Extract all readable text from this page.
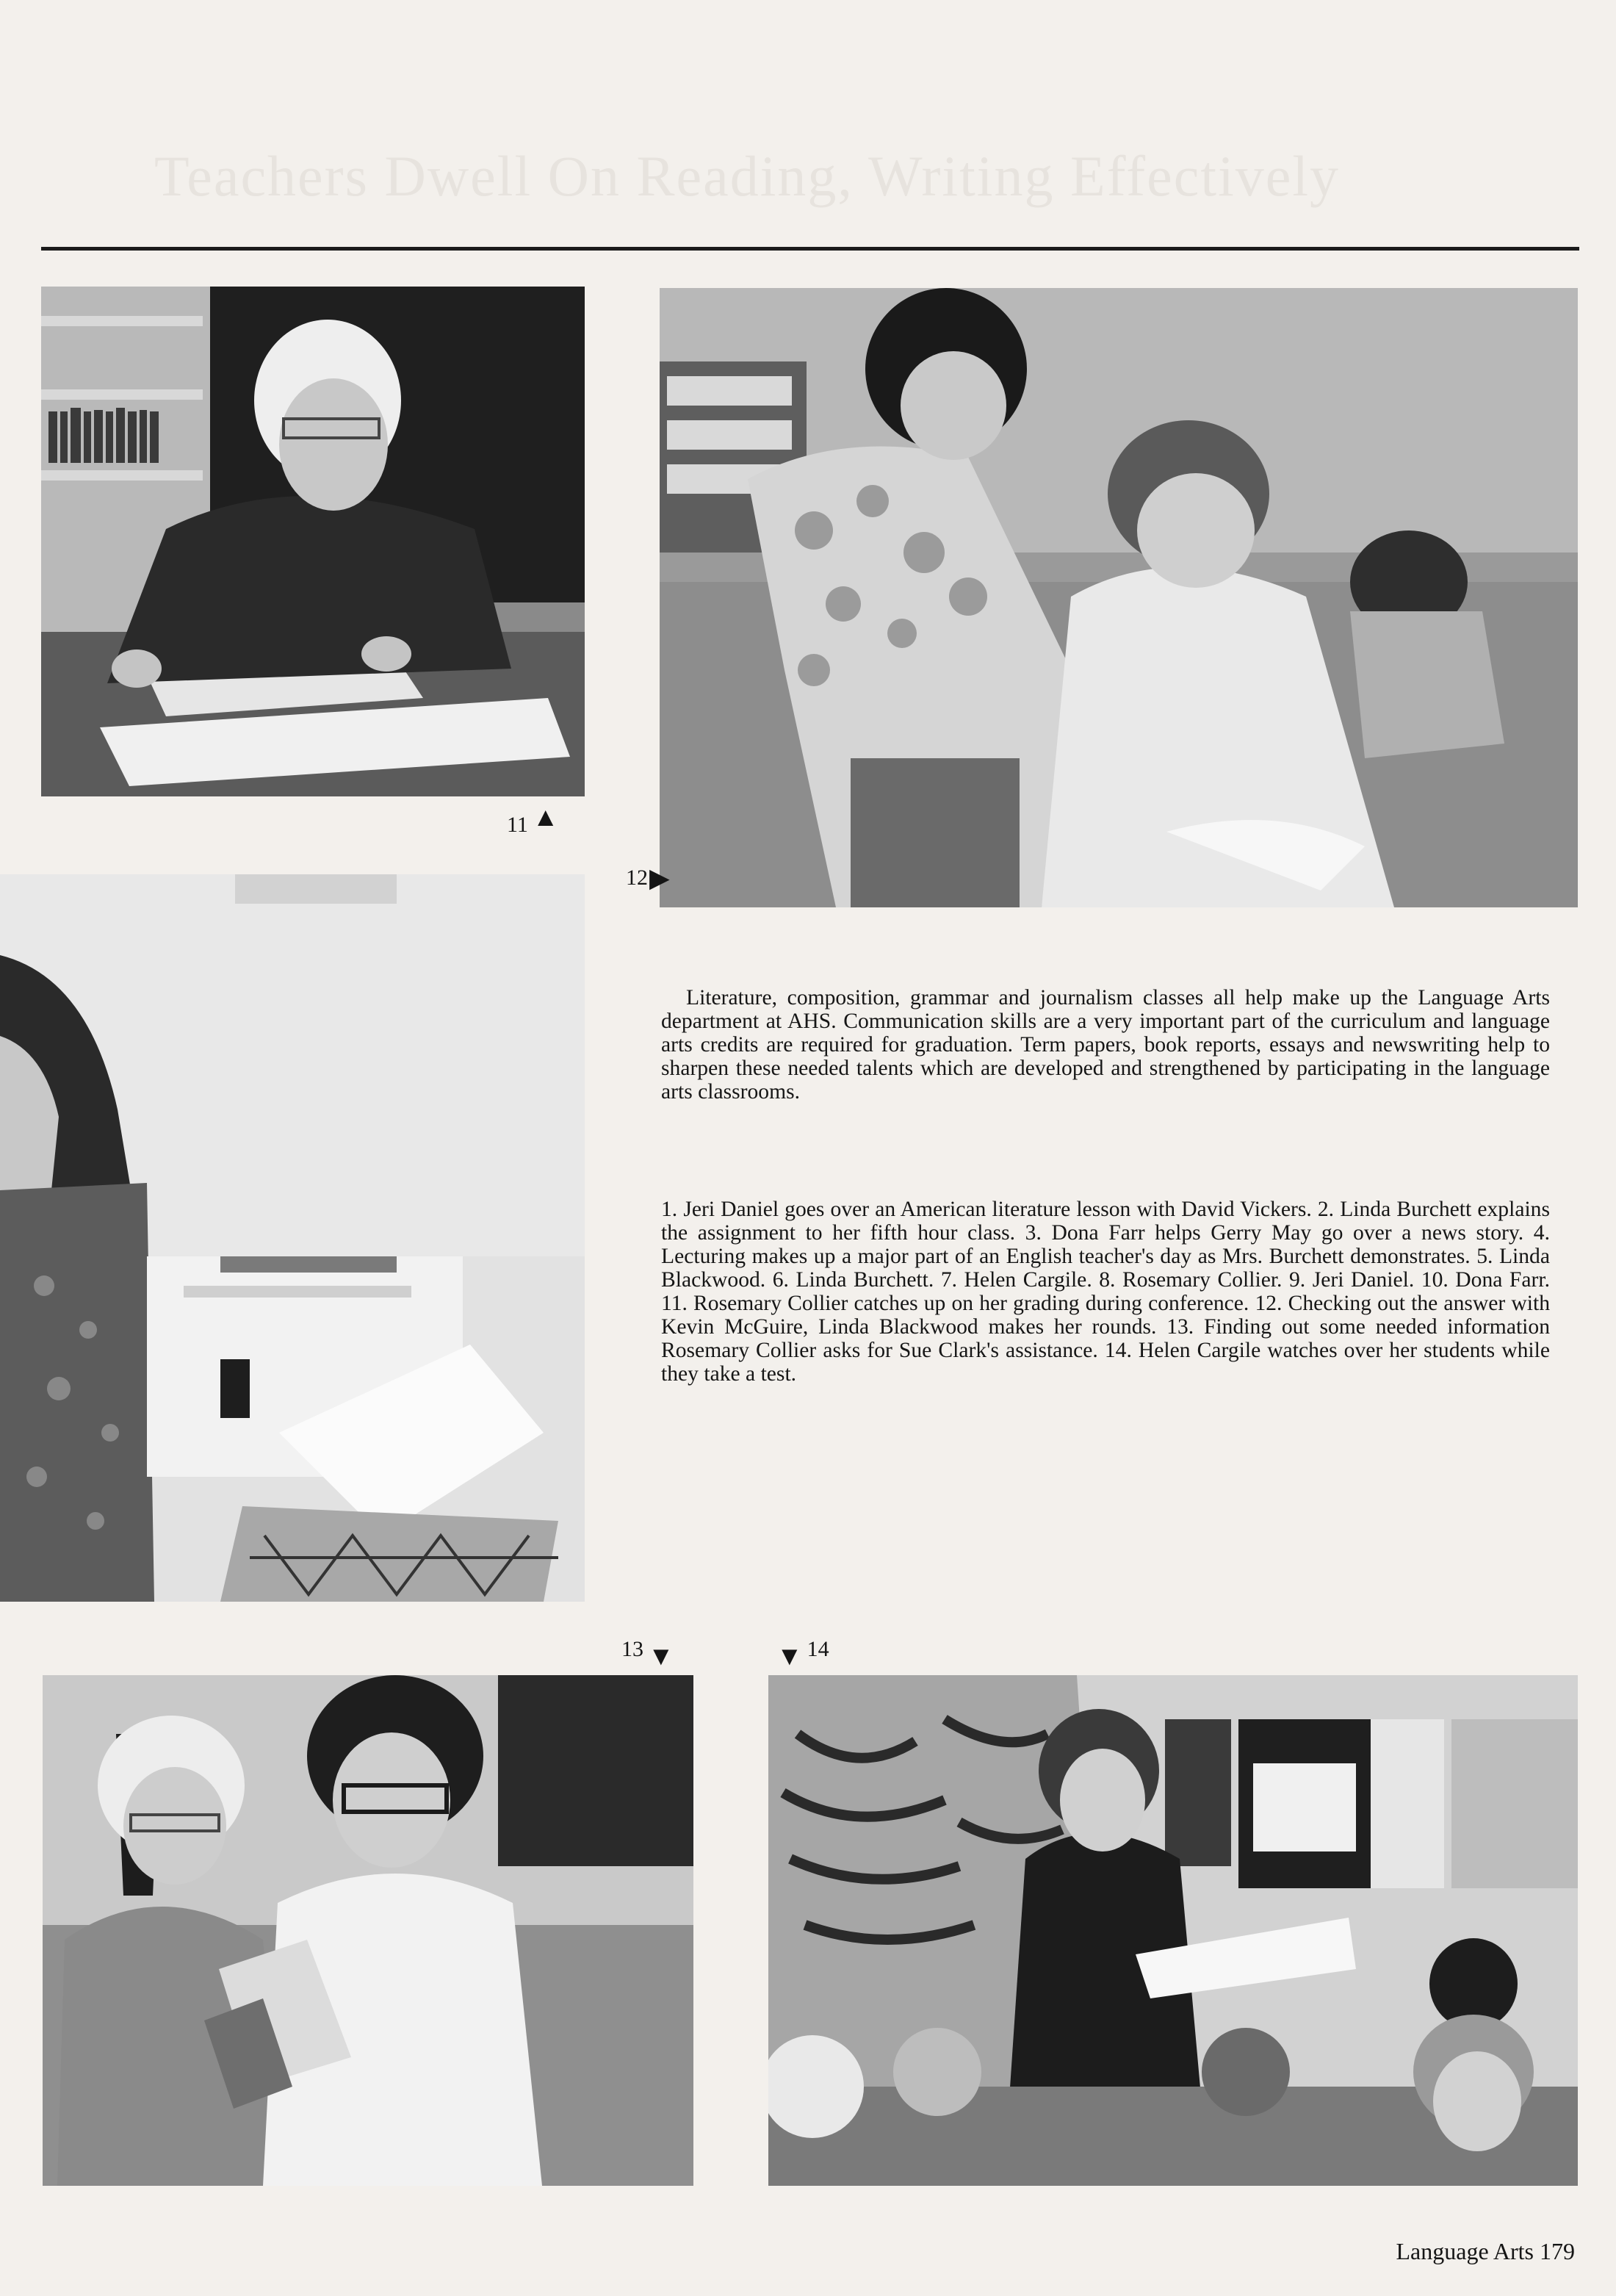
Teachers Dwell On Reading, Writing Effectively
11 ▲
12 ▶
Literature, composition, grammar and journalism classes all help make up the Language Arts department at AHS. Communication skills are a very important part of the curriculum and language arts credits are required for graduation. Term papers, book reports, essays and newswriting help to sharpen these needed talents which are developed and strengthened by participating in the language arts classrooms.
1. Jeri Daniel goes over an American literature lesson with David Vickers. 2. Linda Burchett explains the assignment to her fifth hour class. 3. Dona Farr helps Gerry May go over a news story. 4. Lecturing makes up a major part of an English teacher's day as Mrs. Burchett demonstrates. 5. Linda Blackwood. 6. Linda Burchett. 7. Helen Cargile. 8. Rosemary Collier. 9. Jeri Daniel. 10. Dona Farr. 11. Rosemary Collier catches up on her grading during conference. 12. Checking out the answer with Kevin McGuire, Linda Blackwood makes her rounds. 13. Finding out some needed information Rosemary Collier asks for Sue Clark's assistance. 14. Helen Cargile watches over her students while they take a test.
13 ▼	▼ 14
Language Arts 179
